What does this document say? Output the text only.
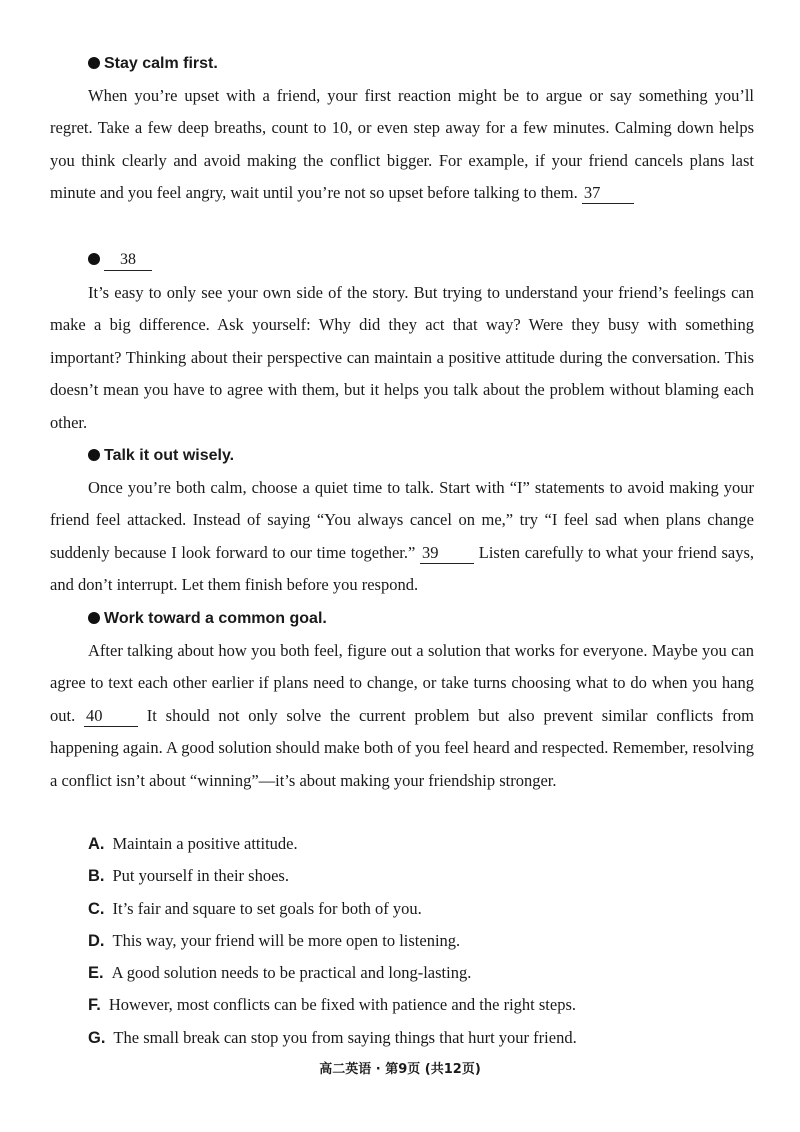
Stay calm first.

When you’re upset with a friend, your first reaction might be to argue or say something you’ll regret. Take a few deep breaths, count to 10, or even step away for a few minutes. Calming down helps you think clearly and avoid making the conflict bigger. For example, if your friend cancels plans last minute and you feel angry, wait until you’re not so upset before talking to them. 37

38

It’s easy to only see your own side of the story. But trying to understand your friend’s feelings can make a big difference. Ask yourself: Why did they act that way? Were they busy with something important? Thinking about their perspective can maintain a positive attitude during the conversation. This doesn’t mean you have to agree with them, but it helps you talk about the problem without blaming each other.

Talk it out wisely.

Once you’re both calm, choose a quiet time to talk. Start with “I” statements to avoid making your friend feel attacked. Instead of saying “You always cancel on me,” try “I feel sad when plans change suddenly because I look forward to our time together.” 39 Listen carefully to what your friend says, and don’t interrupt. Let them finish before you respond.

Work toward a common goal.

After talking about how you both feel, figure out a solution that works for everyone. Maybe you can agree to text each other earlier if plans need to change, or take turns choosing what to do when you hang out. 40	It should not only solve the current problem but also prevent similar conflicts from happening again. A good solution should make both of you feel heard and respected. Remember, resolving a conflict isn’t about “winning”—it’s about making your friendship stronger.

A. Maintain a positive attitude.
B. Put yourself in their shoes.
C. It’s fair and square to set goals for both of you.
D. This way, your friend will be more open to listening.
E. A good solution needs to be practical and long-lasting.
F. However, most conflicts can be fixed with patience and the right steps.
G. The small break can stop you from saying things that hurt your friend.
高二英语 · 第9页 (共12页)
